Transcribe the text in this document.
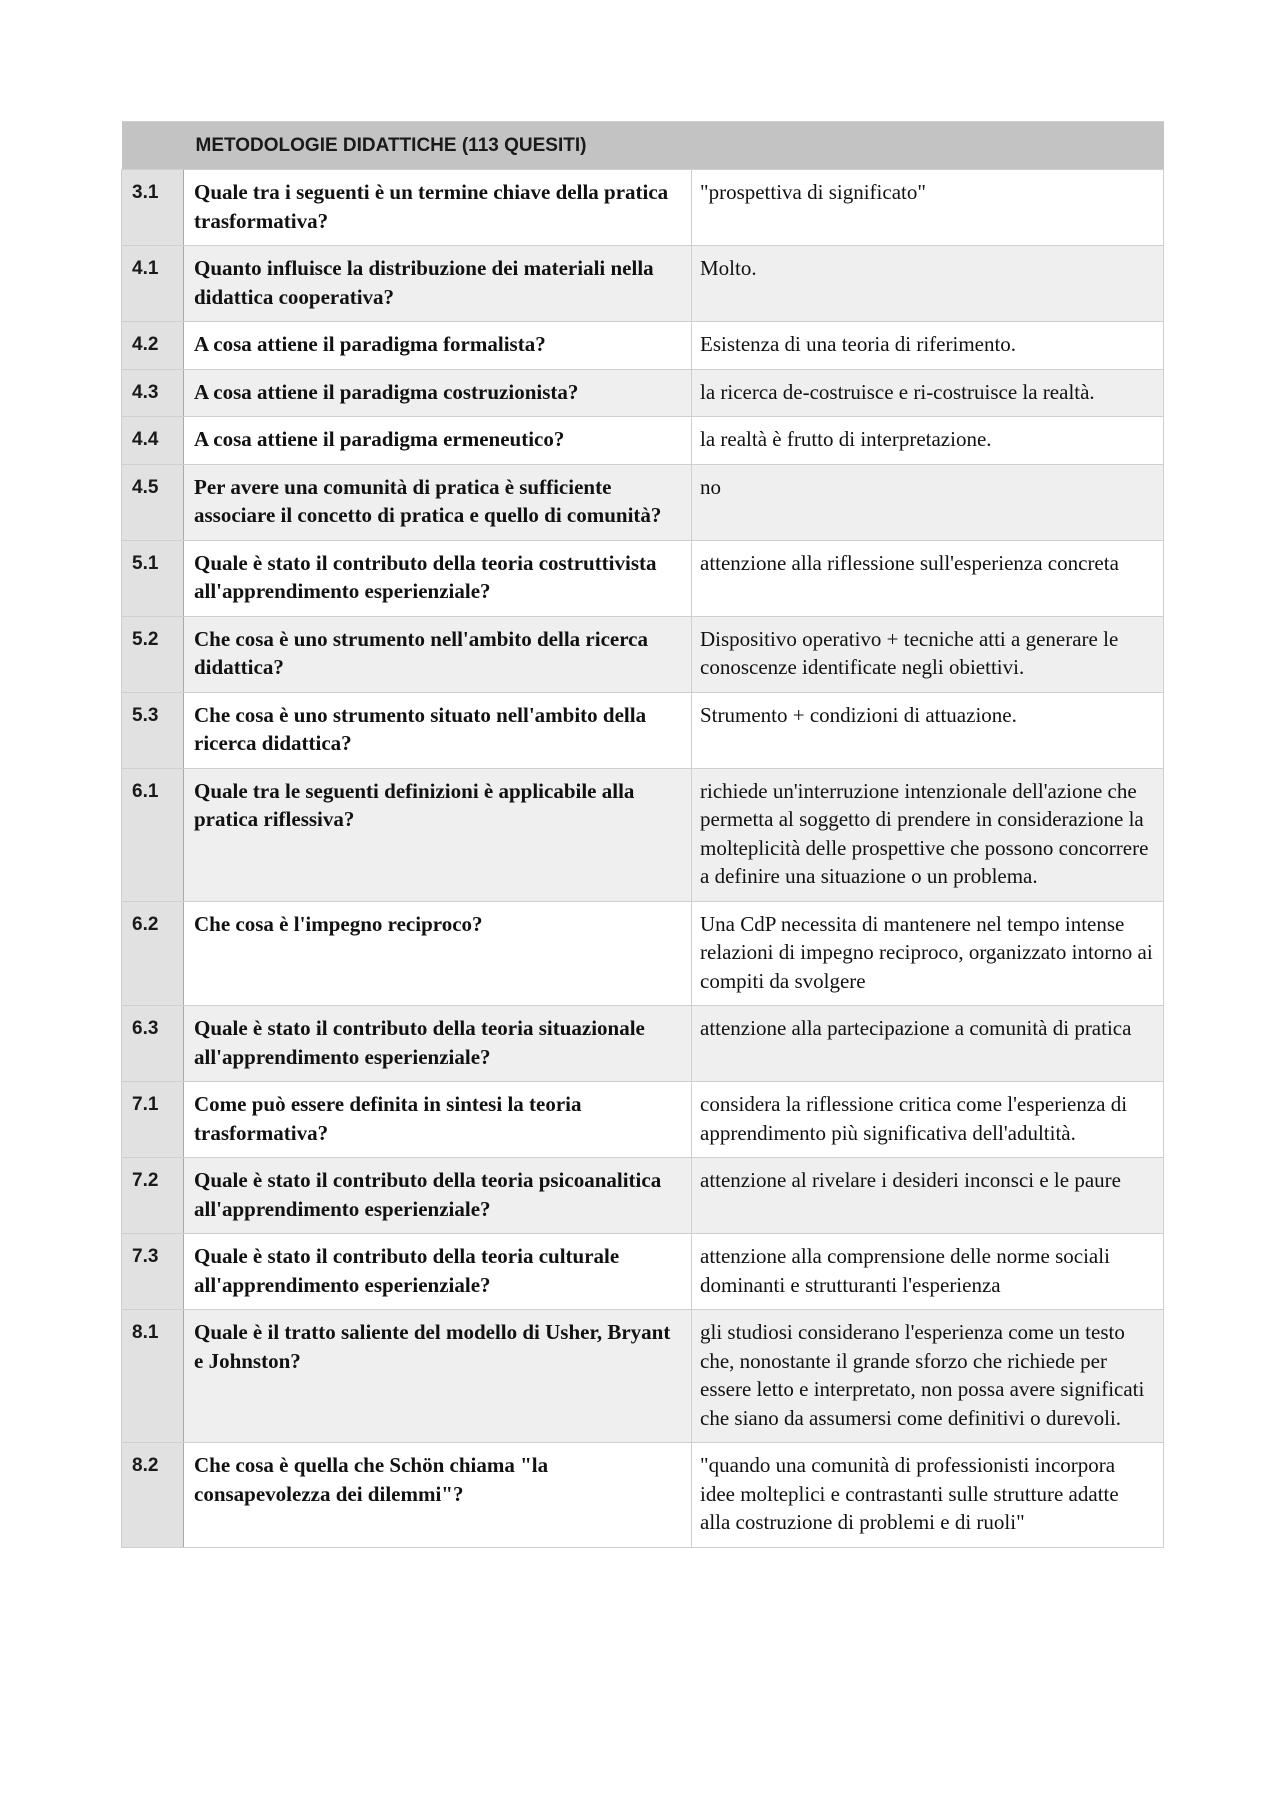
METODOLOGIE DIDATTICHE (113 QUESITI)		
3.1	Quale tra i seguenti è un termine chiave della pratica trasformativa?	"prospettiva di significato"
4.1	Quanto influisce la distribuzione dei materiali nella didattica cooperativa?	Molto.
4.2	A cosa attiene il paradigma formalista?	Esistenza di una teoria di riferimento.
4.3	A cosa attiene il paradigma costruzionista?	la ricerca de-costruisce e ri-costruisce la realtà.
4.4	A cosa attiene il paradigma ermeneutico?	la realtà è frutto di interpretazione.
4.5	Per avere una comunità di pratica è sufficiente associare il concetto di pratica e quello di comunità?	no
5.1	Quale è stato il contributo della teoria costruttivista all'apprendimento esperienziale?	attenzione alla riflessione sull'esperienza concreta
5.2	Che cosa è uno strumento nell'ambito della ricerca didattica?	Dispositivo operativo + tecniche atti a generare le conoscenze identificate negli obiettivi.
5.3	Che cosa è uno strumento situato nell'ambito della ricerca didattica?	Strumento + condizioni di attuazione.
6.1	Quale tra le seguenti definizioni è applicabile alla pratica riflessiva?	richiede un'interruzione intenzionale dell'azione che permetta al soggetto di prendere in considerazione la molteplicità delle prospettive che possono concorrere a definire una situazione o un problema.
6.2	Che cosa è l'impegno reciproco?	Una CdP necessita di mantenere nel tempo intense relazioni di impegno reciproco, organizzato intorno ai compiti da svolgere
6.3	Quale è stato il contributo della teoria situazionale all'apprendimento esperienziale?	attenzione alla partecipazione a comunità di pratica
7.1	Come può essere definita in sintesi la teoria trasformativa?	considera la riflessione critica come l'esperienza di apprendimento più significativa dell'adultità.
7.2	Quale è stato il contributo della teoria psicoanalitica all'apprendimento esperienziale?	attenzione al rivelare i desideri inconsci e le paure
7.3	Quale è stato il contributo della teoria culturale all'apprendimento esperienziale?	attenzione alla comprensione delle norme sociali dominanti e strutturanti l'esperienza
8.1	Quale è il tratto saliente del modello di Usher, Bryant e Johnston?	gli studiosi considerano l'esperienza come un testo che, nonostante il grande sforzo che richiede per essere letto e interpretato, non possa avere significati che siano da assumersi come definitivi o durevoli.
8.2	Che cosa è quella che Schön chiama "la consapevolezza dei dilemmi"?	"quando una comunità di professionisti incorpora idee molteplici e contrastanti sulle strutture adatte alla costruzione di problemi e di ruoli"
